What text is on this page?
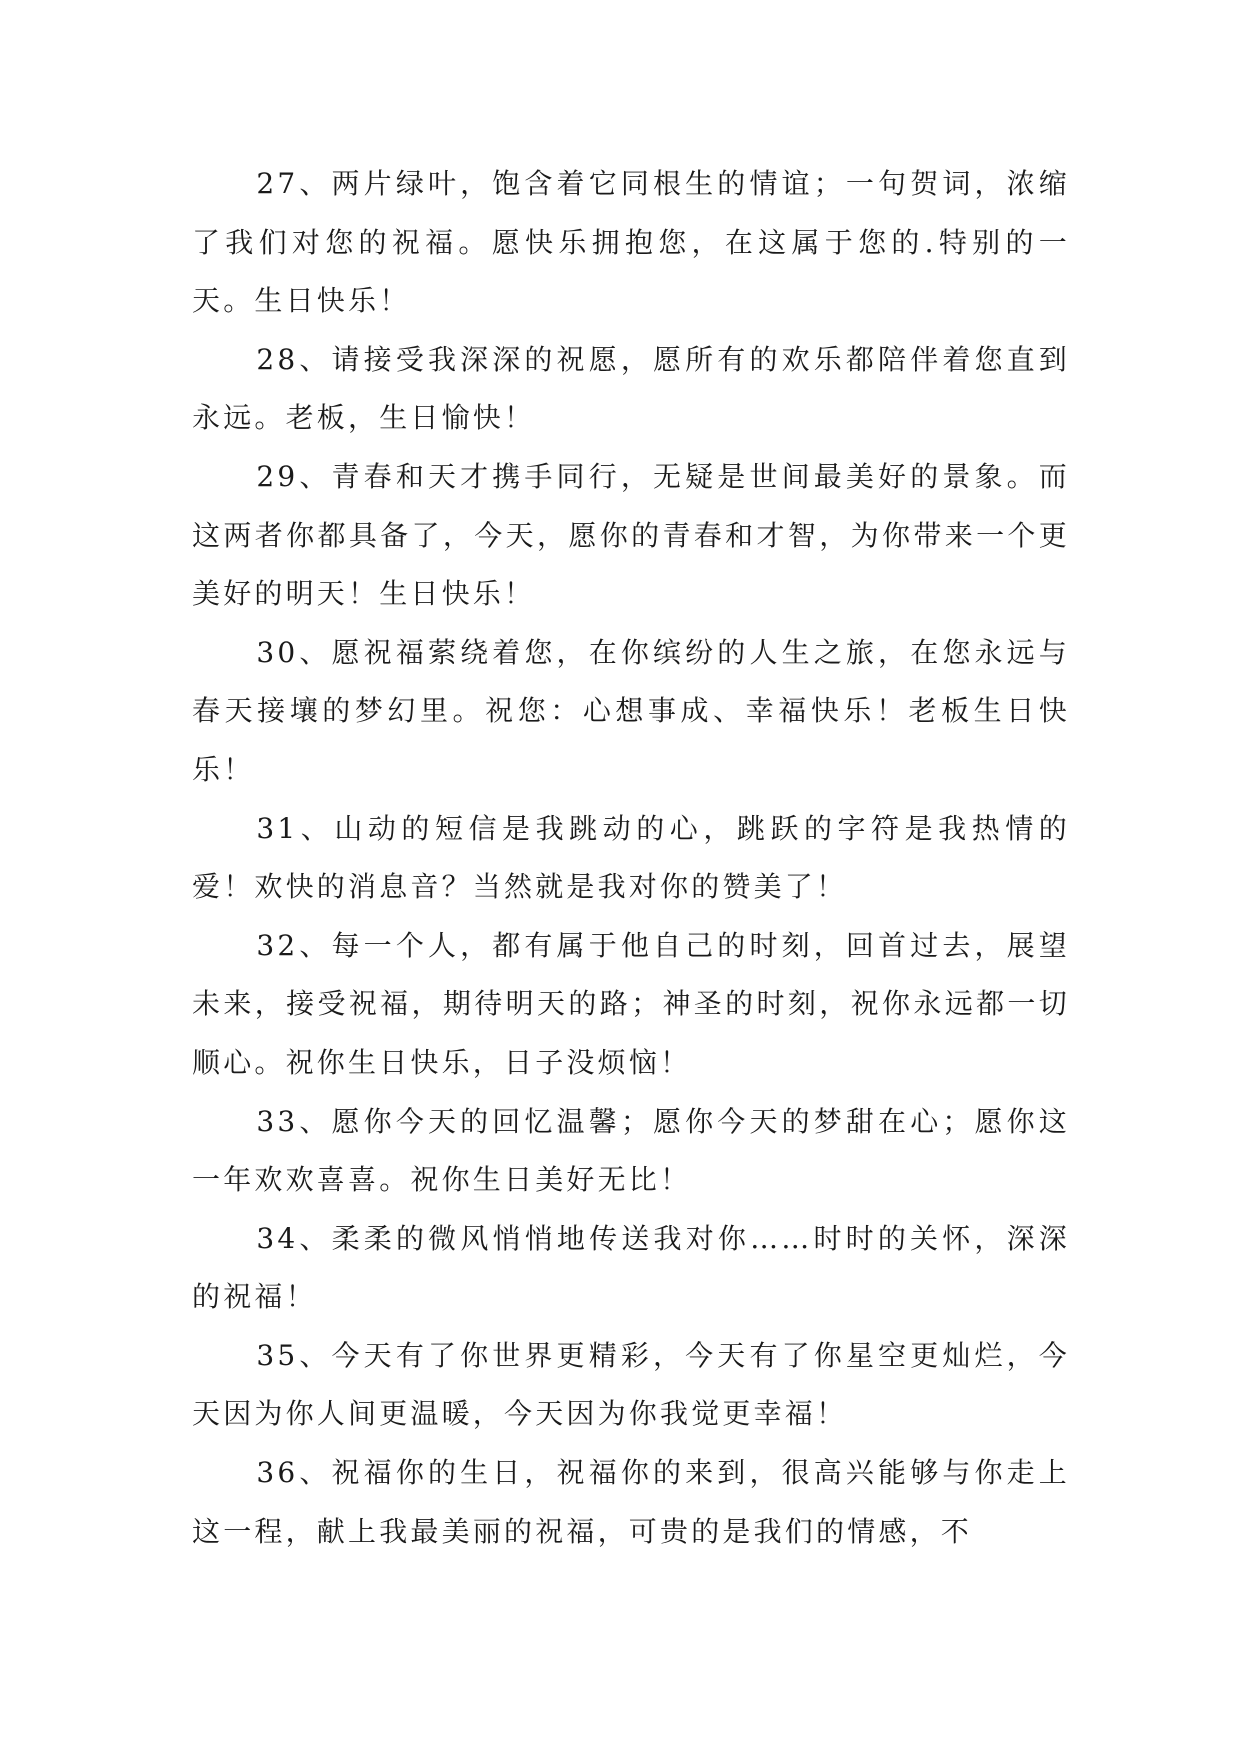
27、两片绿叶，饱含着它同根生的情谊；一句贺词，浓缩了我们对您的祝福。愿快乐拥抱您，在这属于您的.特别的一天。生日快乐！

28、请接受我深深的祝愿，愿所有的欢乐都陪伴着您直到永远。老板，生日愉快！

29、青春和天才携手同行，无疑是世间最美好的景象。而这两者你都具备了，今天，愿你的青春和才智，为你带来一个更美好的明天！生日快乐！

30、愿祝福萦绕着您，在你缤纷的人生之旅，在您永远与春天接壤的梦幻里。祝您：心想事成、幸福快乐！老板生日快乐！

31、山动的短信是我跳动的心，跳跃的字符是我热情的爱！欢快的消息音？当然就是我对你的赞美了！

32、每一个人，都有属于他自己的时刻，回首过去，展望未来，接受祝福，期待明天的路；神圣的时刻，祝你永远都一切顺心。祝你生日快乐，日子没烦恼！

33、愿你今天的回忆温馨；愿你今天的梦甜在心；愿你这一年欢欢喜喜。祝你生日美好无比！

34、柔柔的微风悄悄地传送我对你……时时的关怀，深深的祝福！

35、今天有了你世界更精彩，今天有了你星空更灿烂，今天因为你人间更温暖，今天因为你我觉更幸福！

36、祝福你的生日，祝福你的来到，很高兴能够与你走上这一程，献上我最美丽的祝福，可贵的是我们的情感，不
